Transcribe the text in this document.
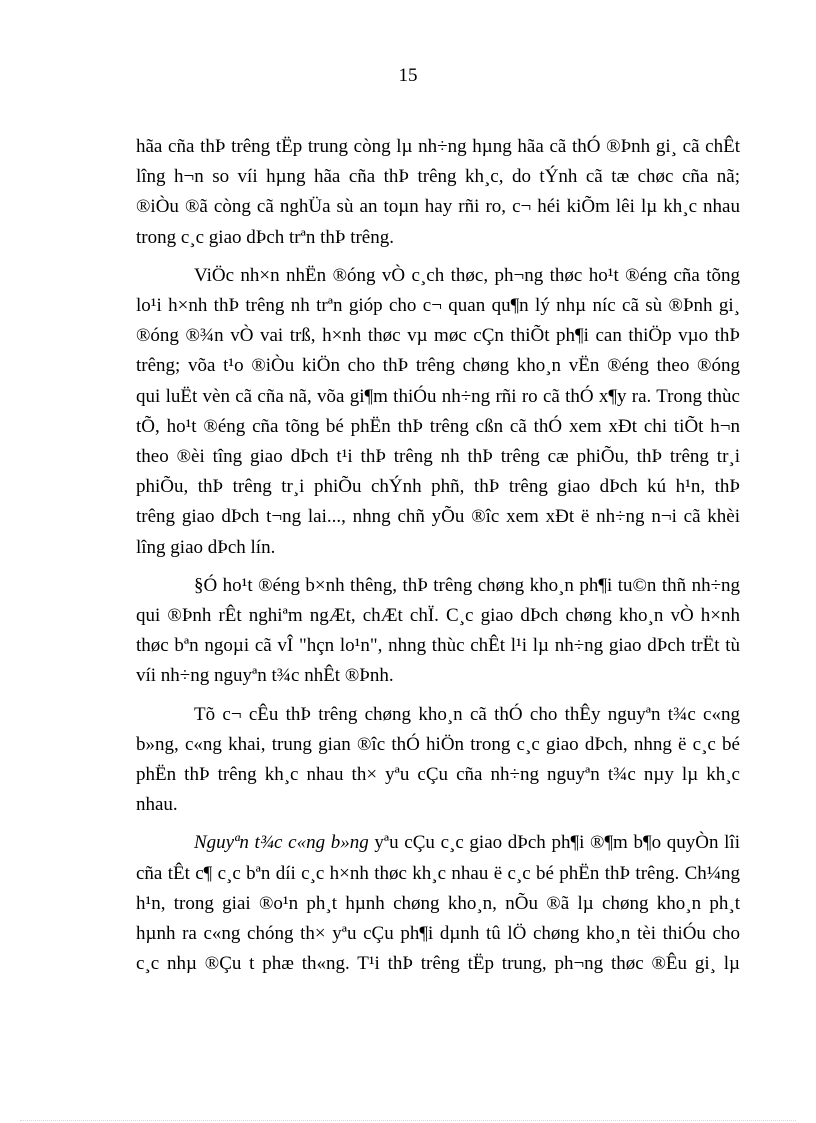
15
hãa cña thÞ trêng tËp trung còng lµ nh÷ng hµng hãa cã thÓ ®Þnh gi¸ cã chÊt
lîng h¬n so víi hµng hãa cña thÞ trêng kh¸c, do tÝnh cã tæ chøc cña nã;
®iÒu ®ã còng cã nghÜa sù an toµn hay rñi ro, c¬ héi kiÕm lêi lµ kh¸c nhau
trong c¸c giao dÞch trªn thÞ trêng.
ViÖc nh×n nhËn ®óng vÒ c¸ch thøc, ph¬ng thøc ho¹t ®éng cña tõng
lo¹i h×nh thÞ trêng nh trªn gióp cho c¬ quan qu¶n lý nhµ níc cã sù ®Þnh gi¸
®óng ®¾n vÒ vai trß, h×nh thøc vµ møc cÇn thiÕt ph¶i can thiÖp vµo thÞ
trêng; võa t¹o ®iÒu kiÖn cho thÞ trêng chøng kho¸n vËn ®éng theo ®óng
qui luËt vèn cã cña nã, võa gi¶m thiÓu nh÷ng rñi ro cã thÓ x¶y ra. Trong thùc
tÕ, ho¹t ®éng cña tõng bé phËn thÞ trêng cßn cã thÓ xem xÐt chi tiÕt h¬n
theo ®èi tîng giao dÞch t¹i thÞ trêng nh thÞ trêng cæ phiÕu, thÞ trêng tr¸i
phiÕu, thÞ trêng tr¸i phiÕu chÝnh phñ, thÞ trêng giao dÞch kú h¹n, thÞ
trêng giao dÞch t¬ng lai..., nhng chñ yÕu ®îc xem xÐt ë nh÷ng n¬i cã khèi
lîng giao dÞch lín.
§Ó ho¹t ®éng b×nh thêng, thÞ trêng chøng kho¸n ph¶i tu©n thñ nh÷ng
qui ®Þnh rÊt nghiªm ngÆt, chÆt chÏ. C¸c giao dÞch chøng kho¸n vÒ h×nh
thøc bªn ngoµi cã vÎ "hçn lo¹n", nhng thùc chÊt l¹i lµ nh÷ng giao dÞch trËt tù
víi nh÷ng nguyªn t¾c nhÊt ®Þnh.
Tõ c¬ cÊu thÞ trêng chøng kho¸n cã thÓ cho thÊy nguyªn t¾c c«ng
b»ng, c«ng khai, trung gian ®îc thÓ hiÖn trong c¸c giao dÞch, nhng ë c¸c bé
phËn thÞ trêng kh¸c nhau th× yªu cÇu cña nh÷ng nguyªn t¾c nµy lµ kh¸c
nhau.
Nguyªn t¾c c«ng b»ng yªu cÇu c¸c giao dÞch ph¶i ®¶m b¶o quyÒn lîi
cña tÊt c¶ c¸c bªn díi c¸c h×nh thøc kh¸c nhau ë c¸c bé phËn thÞ trêng. Ch¼ng
h¹n, trong giai ®o¹n ph¸t hµnh chøng kho¸n, nÕu ®ã lµ chøng kho¸n ph¸t
hµnh ra c«ng chóng th× yªu cÇu ph¶i dµnh tû lÖ chøng kho¸n tèi thiÓu cho
c¸c nhµ ®Çu t phæ th«ng. T¹i thÞ trêng tËp trung, ph¬ng thøc ®Êu gi¸ lµ
